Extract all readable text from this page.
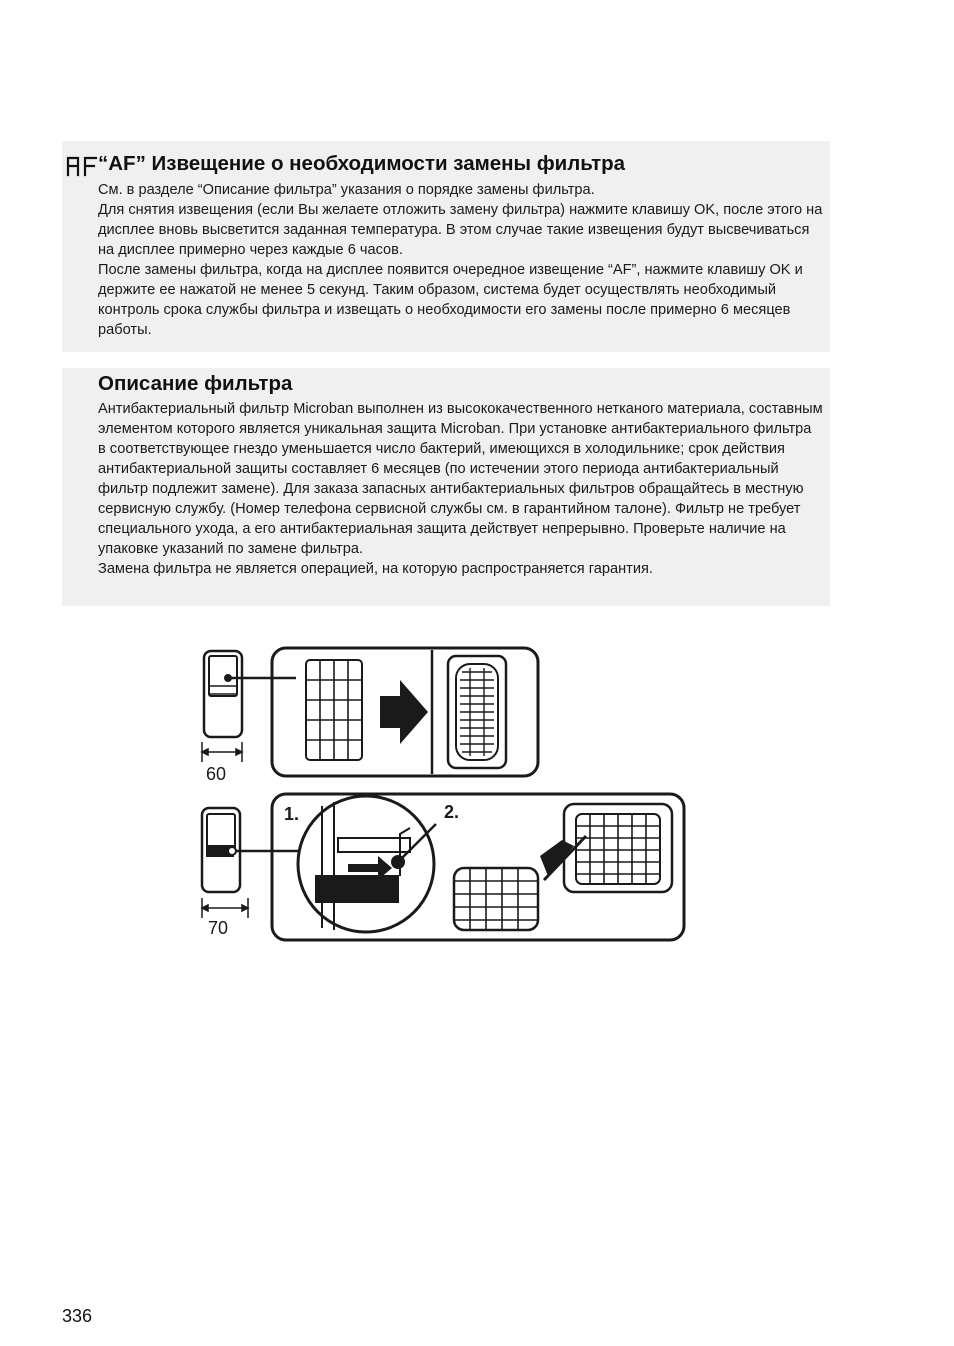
“AF” Извещение о необходимости замены фильтра

См. в разделе “Описание фильтра” указания о порядке замены фильтра.

Для снятия извещения (если Вы желаете отложить замену фильтра) нажмите клавишу OK, после этого на дисплее вновь высветится заданная температура. В этом случае такие извещения будут высвечиваться на дисплее примерно через каждые 6 часов.

После замены фильтра, когда на дисплее появится очередное извещение “AF”, нажмите клавишу OK и держите ее нажатой не менее 5 секунд. Таким образом, система будет осуществлять необходимый контроль срока службы фильтра и извещать о необходимости его замены после примерно 6 месяцев работы.

Описание фильтра

Антибактериальный фильтр Microban выполнен из высококачественного нетканого материала, составным элементом которого является уникальная защита Microban. При установке антибактериального фильтра в соответствующее гнездо уменьшается число бактерий, имеющихся в холодильнике; срок действия антибактериальной защиты составляет 6 месяцев (по истечении этого периода антибактериальный фильтр подлежит замене). Для заказа запасных антибактериальных фильтров обращайтесь в местную сервисную службу. (Номер телефона сервисной службы см. в гарантийном талоне). Фильтр не требует специального ухода, а его антибактериальная защита действует непрерывно. Проверьте наличие на упаковке указаний по замене фильтра.

Замена фильтра не является операцией, на которую распространяется гарантия.

60
70
1.	2.
336
